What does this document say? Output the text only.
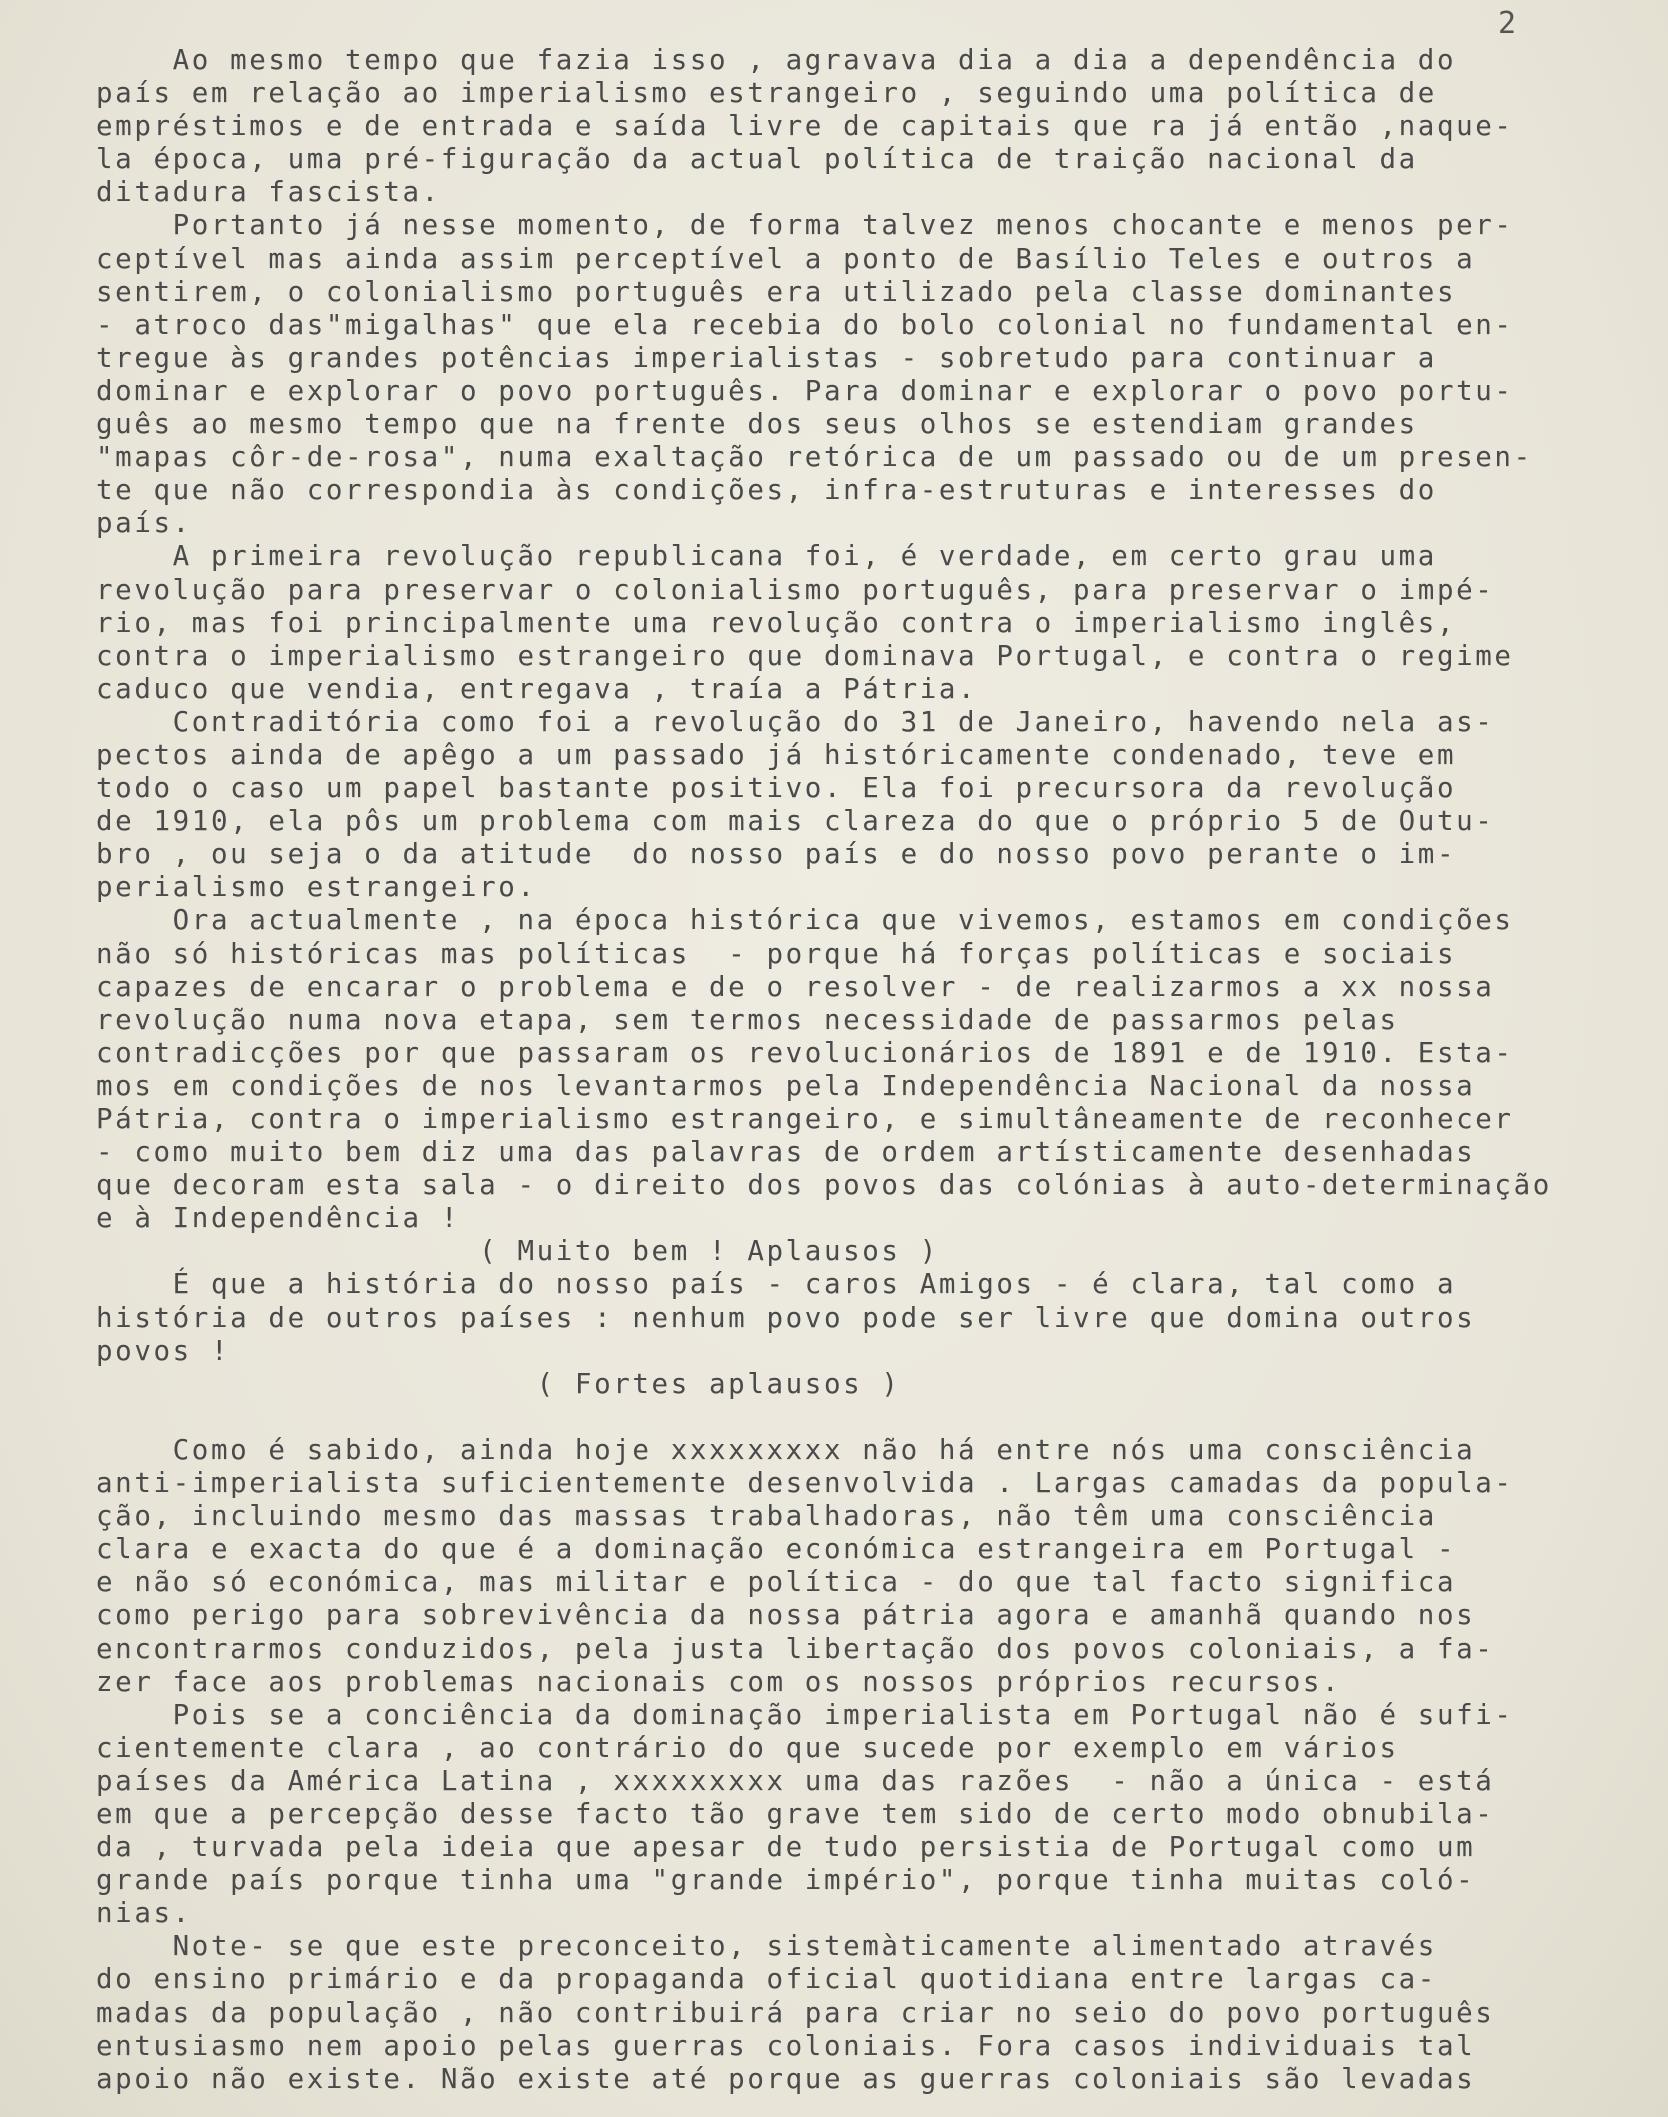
2
Ao mesmo tempo que fazia isso , agravava dia a dia a dependência do
país em relação ao imperialismo estrangeiro , seguindo uma política de
empréstimos e de entrada e saída livre de capitais que ra já então ,naque-
la época, uma pré-figuração da actual política de traição nacional da
ditadura fascista.
Portanto já nesse momento, de forma talvez menos chocante e menos per-
ceptível mas ainda assim perceptível a ponto de Basílio Teles e outros a
sentirem, o colonialismo português era utilizado pela classe dominantes
- atroco das"migalhas" que ela recebia do bolo colonial no fundamental en-
tregue às grandes potências imperialistas - sobretudo para continuar a
dominar e explorar o povo português. Para dominar e explorar o povo portu-
guês ao mesmo tempo que na frente dos seus olhos se estendiam grandes
"mapas côr-de-rosa", numa exaltação retórica de um passado ou de um presen-
te que não correspondia às condições, infra-estruturas e interesses do
país.
A primeira revolução republicana foi, é verdade, em certo grau uma
revolução para preservar o colonialismo português, para preservar o impé-
rio, mas foi principalmente uma revolução contra o imperialismo inglês,
contra o imperialismo estrangeiro que dominava Portugal, e contra o regime
caduco que vendia, entregava , traía a Pátria.
Contraditória como foi a revolução do 31 de Janeiro, havendo nela as-
pectos ainda de apêgo a um passado já históricamente condenado, teve em
todo o caso um papel bastante positivo. Ela foi precursora da revolução
de 1910, ela pôs um problema com mais clareza do que o próprio 5 de Outu-
bro , ou seja o da atitude  do nosso país e do nosso povo perante o im-
perialismo estrangeiro.
Ora actualmente , na época histórica que vivemos, estamos em condições
não só históricas mas políticas  - porque há forças políticas e sociais
capazes de encarar o problema e de o resolver - de realizarmos a xx nossa
revolução numa nova etapa, sem termos necessidade de passarmos pelas
contradicções por que passaram os revolucionários de 1891 e de 1910. Esta-
mos em condições de nos levantarmos pela Independência Nacional da nossa
Pátria, contra o imperialismo estrangeiro, e simultâneamente de reconhecer
- como muito bem diz uma das palavras de ordem artísticamente desenhadas
que decoram esta sala - o direito dos povos das colónias à auto-determinação
e à Independência !
( Muito bem ! Aplausos )
É que a história do nosso país - caros Amigos - é clara, tal como a
história de outros países : nenhum povo pode ser livre que domina outros
povos !
( Fortes aplausos )
Como é sabido, ainda hoje xxxxxxxxx não há entre nós uma consciência
anti-imperialista suficientemente desenvolvida . Largas camadas da popula-
ção, incluindo mesmo das massas trabalhadoras, não têm uma consciência
clara e exacta do que é a dominação económica estrangeira em Portugal -
e não só económica, mas militar e política - do que tal facto significa
como perigo para sobrevivência da nossa pátria agora e amanhã quando nos
encontrarmos conduzidos, pela justa libertação dos povos coloniais, a fa-
zer face aos problemas nacionais com os nossos próprios recursos.
Pois se a conciência da dominação imperialista em Portugal não é sufi-
cientemente clara , ao contrário do que sucede por exemplo em vários
países da América Latina , xxxxxxxxx uma das razões  - não a única - está
em que a percepção desse facto tão grave tem sido de certo modo obnubila-
da , turvada pela ideia que apesar de tudo persistia de Portugal como um
grande país porque tinha uma "grande império", porque tinha muitas coló-
nias.
Note- se que este preconceito, sistemàticamente alimentado através
do ensino primário e da propaganda oficial quotidiana entre largas ca-
madas da população , não contribuirá para criar no seio do povo português
entusiasmo nem apoio pelas guerras coloniais. Fora casos individuais tal
apoio não existe. Não existe até porque as guerras coloniais são levadas
